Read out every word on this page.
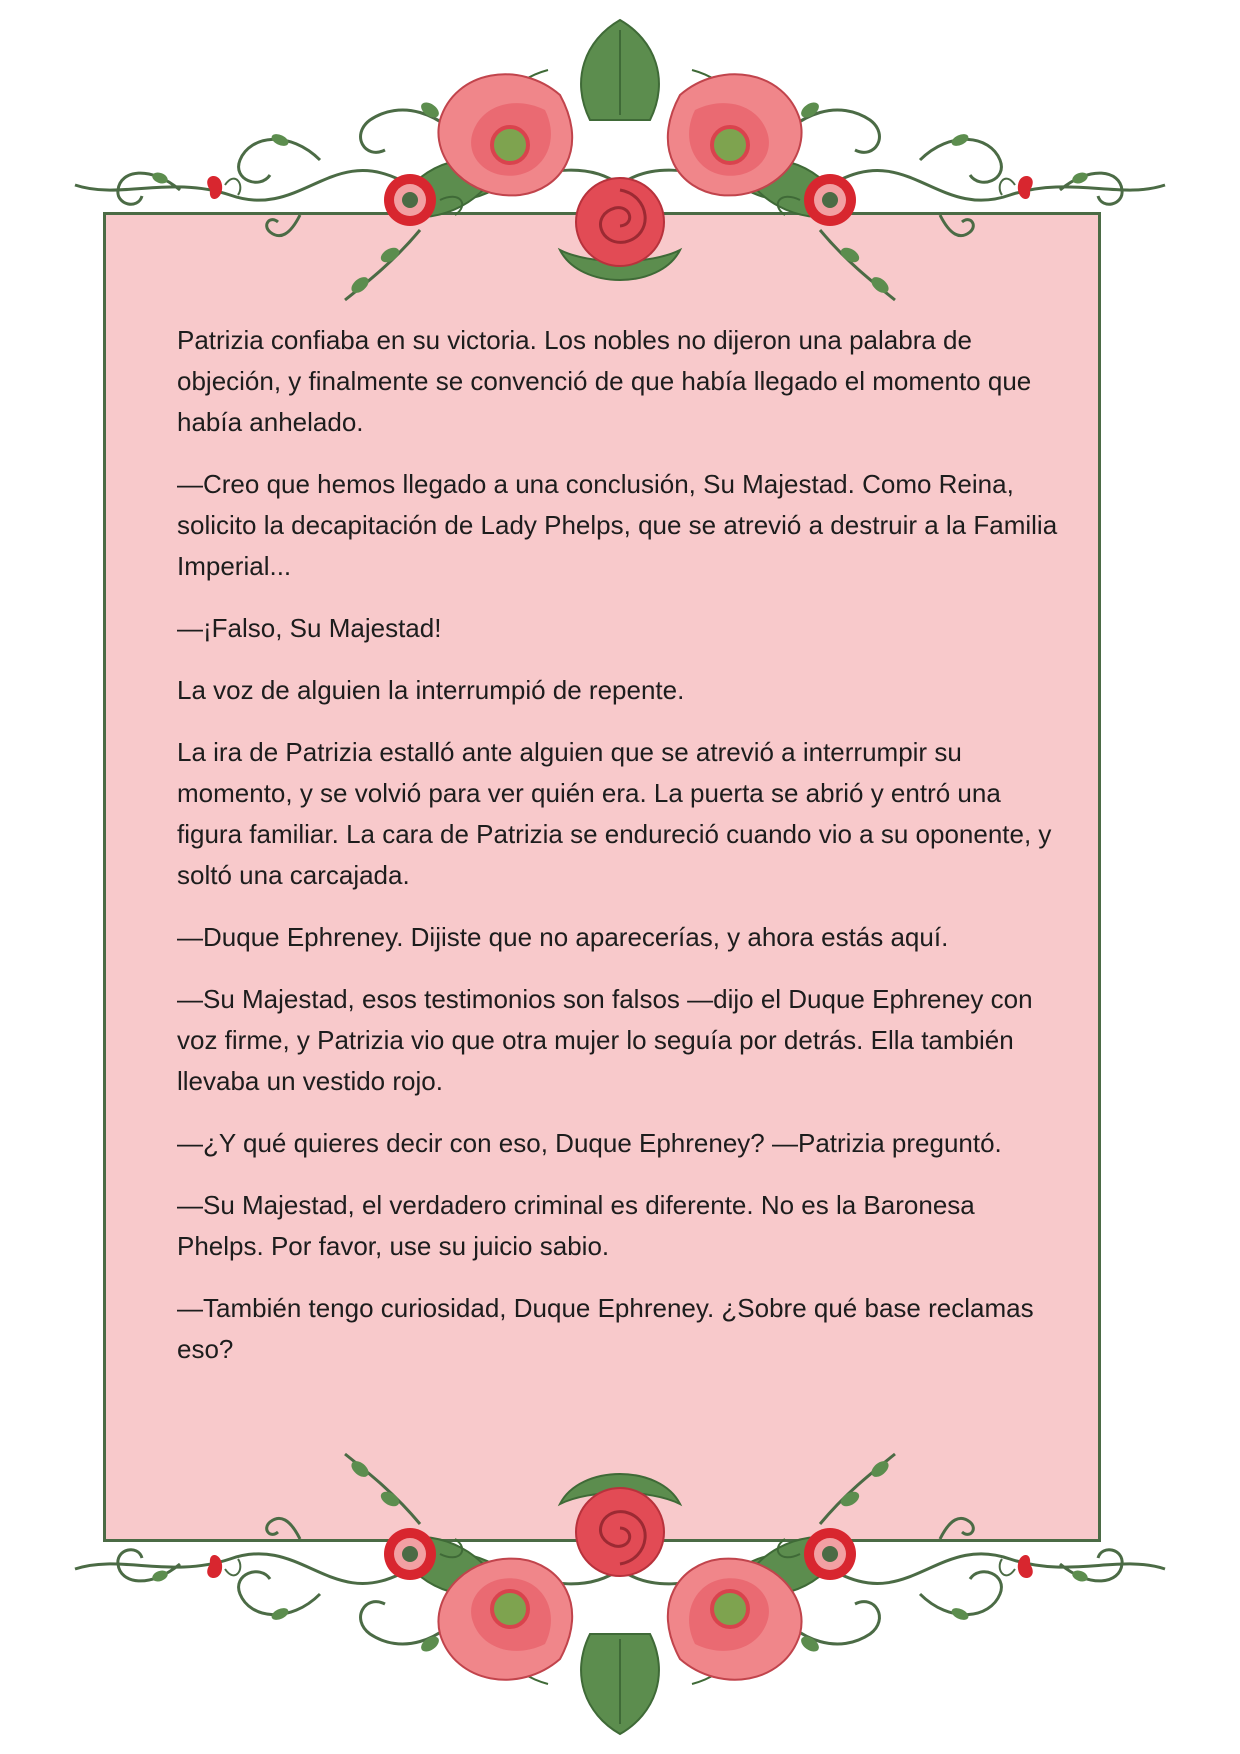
Patrizia confiaba en su victoria. Los nobles no dijeron una palabra de objeción, y finalmente se convenció de que había llegado el momento que había anhelado.

—Creo que hemos llegado a una conclusión, Su Majestad. Como Reina, solicito la decapitación de Lady Phelps, que se atrevió a destruir a la Familia Imperial...

—¡Falso, Su Majestad!

La voz de alguien la interrumpió de repente.

La ira de Patrizia estalló ante alguien que se atrevió a interrumpir su momento, y se volvió para ver quién era. La puerta se abrió y entró una figura familiar. La cara de Patrizia se endureció cuando vio a su oponente, y soltó una carcajada.

—Duque Ephreney. Dijiste que no aparecerías, y ahora estás aquí.

—Su Majestad, esos testimonios son falsos —dijo el Duque Ephreney con voz firme, y Patrizia vio que otra mujer lo seguía por detrás. Ella también llevaba un vestido rojo.

—¿Y qué quieres decir con eso, Duque Ephreney? —Patrizia preguntó.

—Su Majestad, el verdadero criminal es diferente. No es la Baronesa Phelps. Por favor, use su juicio sabio.

—También tengo curiosidad, Duque Ephreney. ¿Sobre qué base reclamas eso?
